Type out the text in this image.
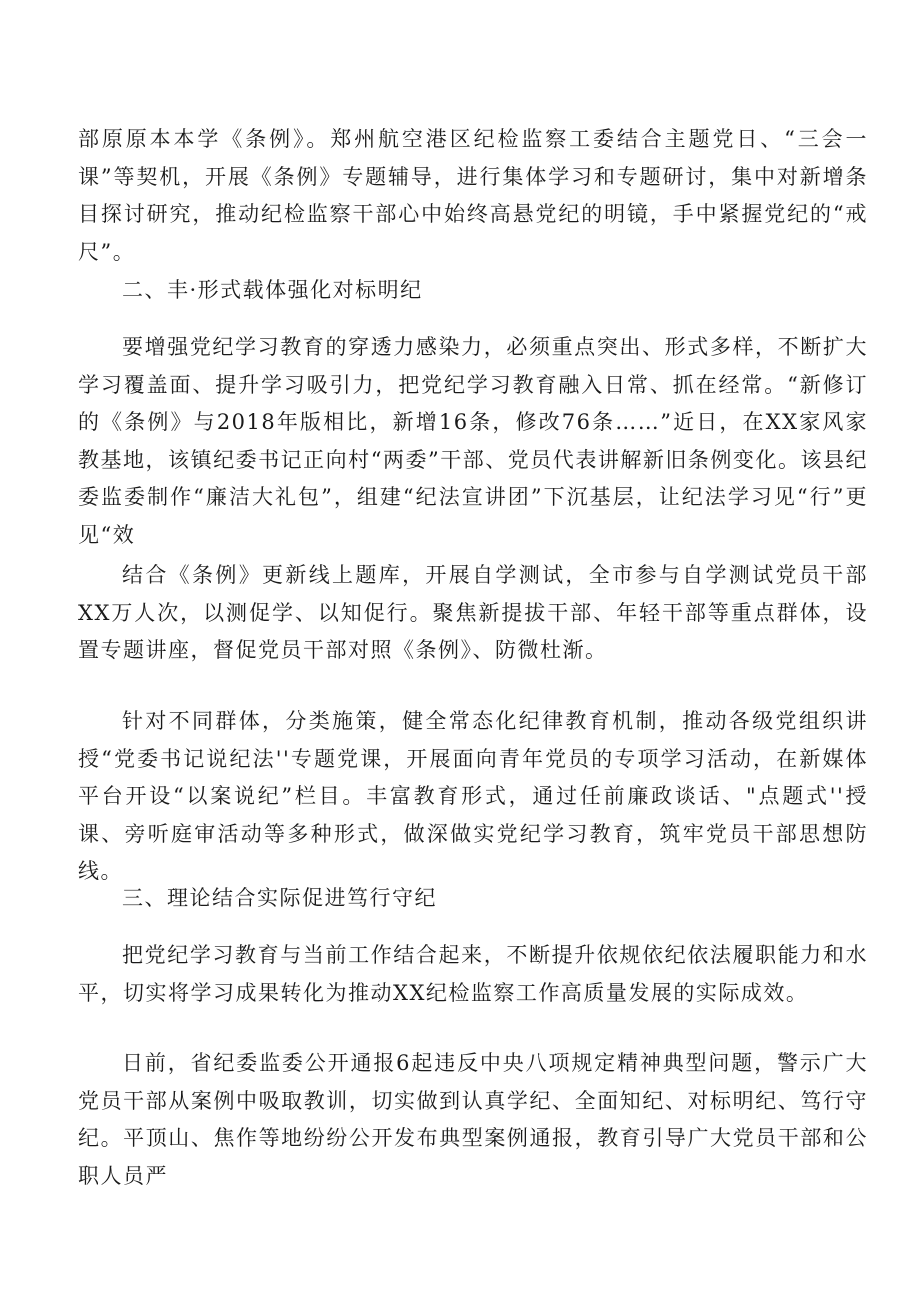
部原原本本学《条例》。郑州航空港区纪检监察工委结合主题党日、“三会一课”等契机，开展《条例》专题辅导，进行集体学习和专题研讨，集中对新增条目探讨研究，推动纪检监察干部心中始终高悬党纪的明镜，手中紧握党纪的“戒尺”。
二、丰·形式载体强化对标明纪
要增强党纪学习教育的穿透力感染力，必须重点突出、形式多样，不断扩大学习覆盖面、提升学习吸引力，把党纪学习教育融入日常、抓在经常。“新修订的《条例》与2018年版相比，新增16条，修改76条……”近日，在XX家风家教基地，该镇纪委书记正向村“两委”干部、党员代表讲解新旧条例变化。该县纪委监委制作“廉洁大礼包”，组建“纪法宣讲团”下沉基层，让纪法学习见“行”更见“效
结合《条例》更新线上题库，开展自学测试，全市参与自学测试党员干部XX万人次，以测促学、以知促行。聚焦新提拔干部、年轻干部等重点群体，设置专题讲座，督促党员干部对照《条例》、防微杜渐。
针对不同群体，分类施策，健全常态化纪律教育机制，推动各级党组织讲授“党委书记说纪法''专题党课，开展面向青年党员的专项学习活动，在新媒体平台开设“以案说纪”栏目。丰富教育形式，通过任前廉政谈话、"点题式''授课、旁听庭审活动等多种形式，做深做实党纪学习教育，筑牢党员干部思想防线。
三、理论结合实际促进笃行守纪
把党纪学习教育与当前工作结合起来，不断提升依规依纪依法履职能力和水平，切实将学习成果转化为推动XX纪检监察工作高质量发展的实际成效。
日前，省纪委监委公开通报6起违反中央八项规定精神典型问题，警示广大党员干部从案例中吸取教训，切实做到认真学纪、全面知纪、对标明纪、笃行守纪。平顶山、焦作等地纷纷公开发布典型案例通报，教育引导广大党员干部和公职人员严
